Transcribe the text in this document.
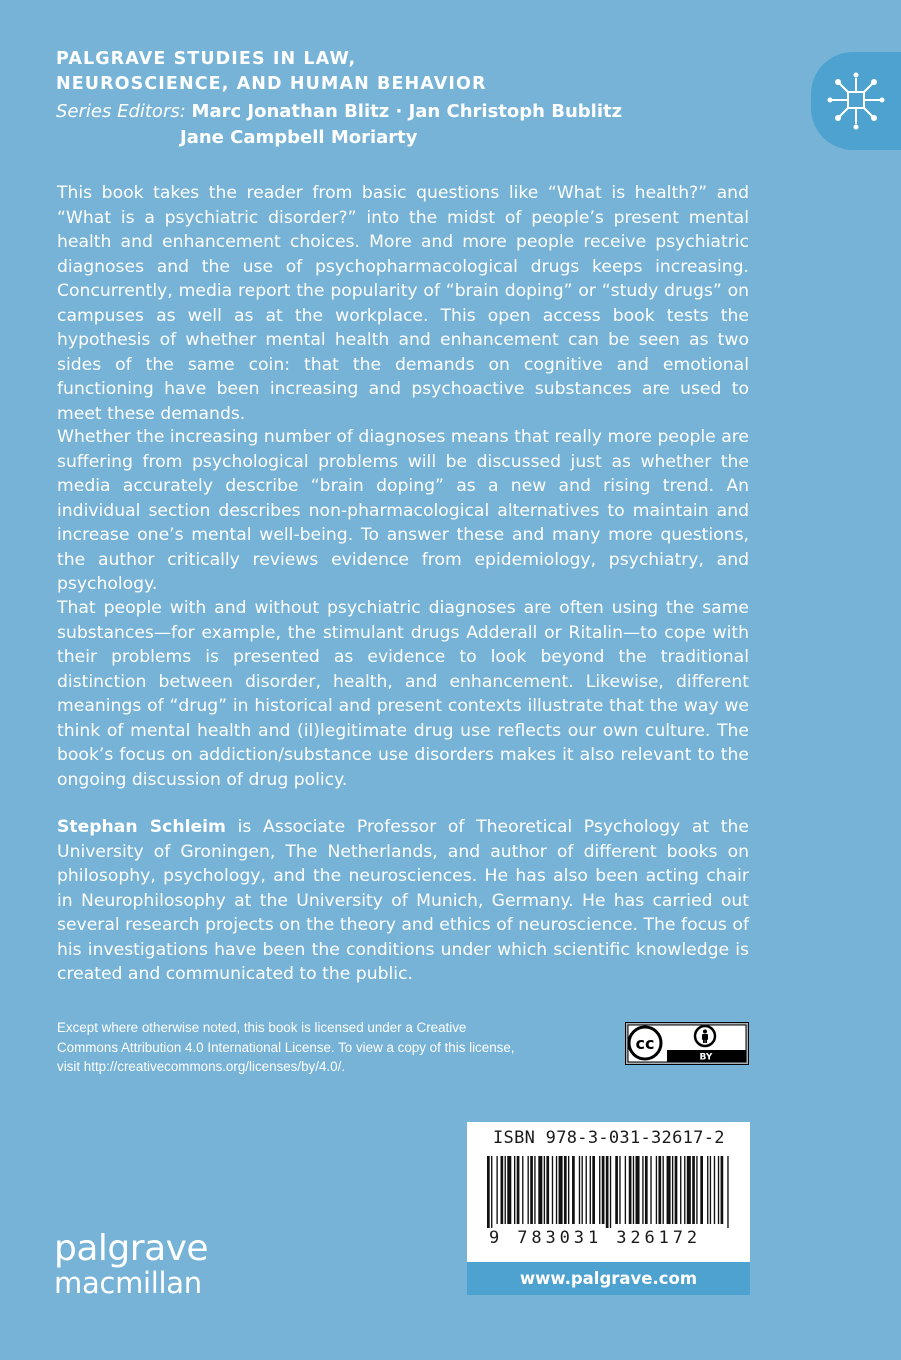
PALGRAVE STUDIES IN LAW,
NEUROSCIENCE, AND HUMAN BEHAVIOR
Series Editors: Marc Jonathan Blitz · Jan Christoph Bublitz
Jane Campbell Moriarty

This book takes the reader from basic questions like “What is health?” and “What is a psychiatric disorder?” into the midst of people’s present mental health and enhancement choices. More and more people receive psychiatric diagnoses and the use of psychopharmacological drugs keeps increasing. Concurrently, media report the popularity of “brain doping” or “study drugs” on campuses as well as at the workplace. This open access book tests the hypothesis of whether mental health and enhancement can be seen as two sides of the same coin: that the demands on cognitive and emotional functioning have been increasing and psychoactive substances are used to meet these demands.

Whether the increasing number of diagnoses means that really more people are suffering from psychological problems will be discussed just as whether the media accurately describe “brain doping” as a new and rising trend. An individual section describes non-pharmacological alternatives to maintain and increase one’s mental well-being. To answer these and many more questions, the author critically reviews evidence from epidemiology, psychiatry, and psychology.

That people with and without psychiatric diagnoses are often using the same substances—for example, the stimulant drugs Adderall or Ritalin—to cope with their problems is presented as evidence to look beyond the traditional distinction between disorder, health, and enhancement. Likewise, different meanings of “drug” in historical and present contexts illustrate that the way we think of mental health and (il)legitimate drug use reflects our own culture. The book’s focus on addiction/substance use disorders makes it also relevant to the ongoing discussion of drug policy.

Stephan Schleim is Associate Professor of Theoretical Psychology at the University of Groningen, The Netherlands, and author of different books on philosophy, psychology, and the neurosciences. He has also been acting chair in Neurophilosophy at the University of Munich, Germany. He has carried out several research projects on the theory and ethics of neuroscience. The focus of his investigations have been the conditions under which scientific knowledge is created and communicated to the public.

Except where otherwise noted, this book is licensed under a Creative Commons Attribution 4.0 International License. To view a copy of this license, visit http://creativecommons.org/licenses/by/4.0/.
cc
BY
ISBN 978-3-031-32617-2
9 783031 326172
www.palgrave.com
palgrave
macmillan
